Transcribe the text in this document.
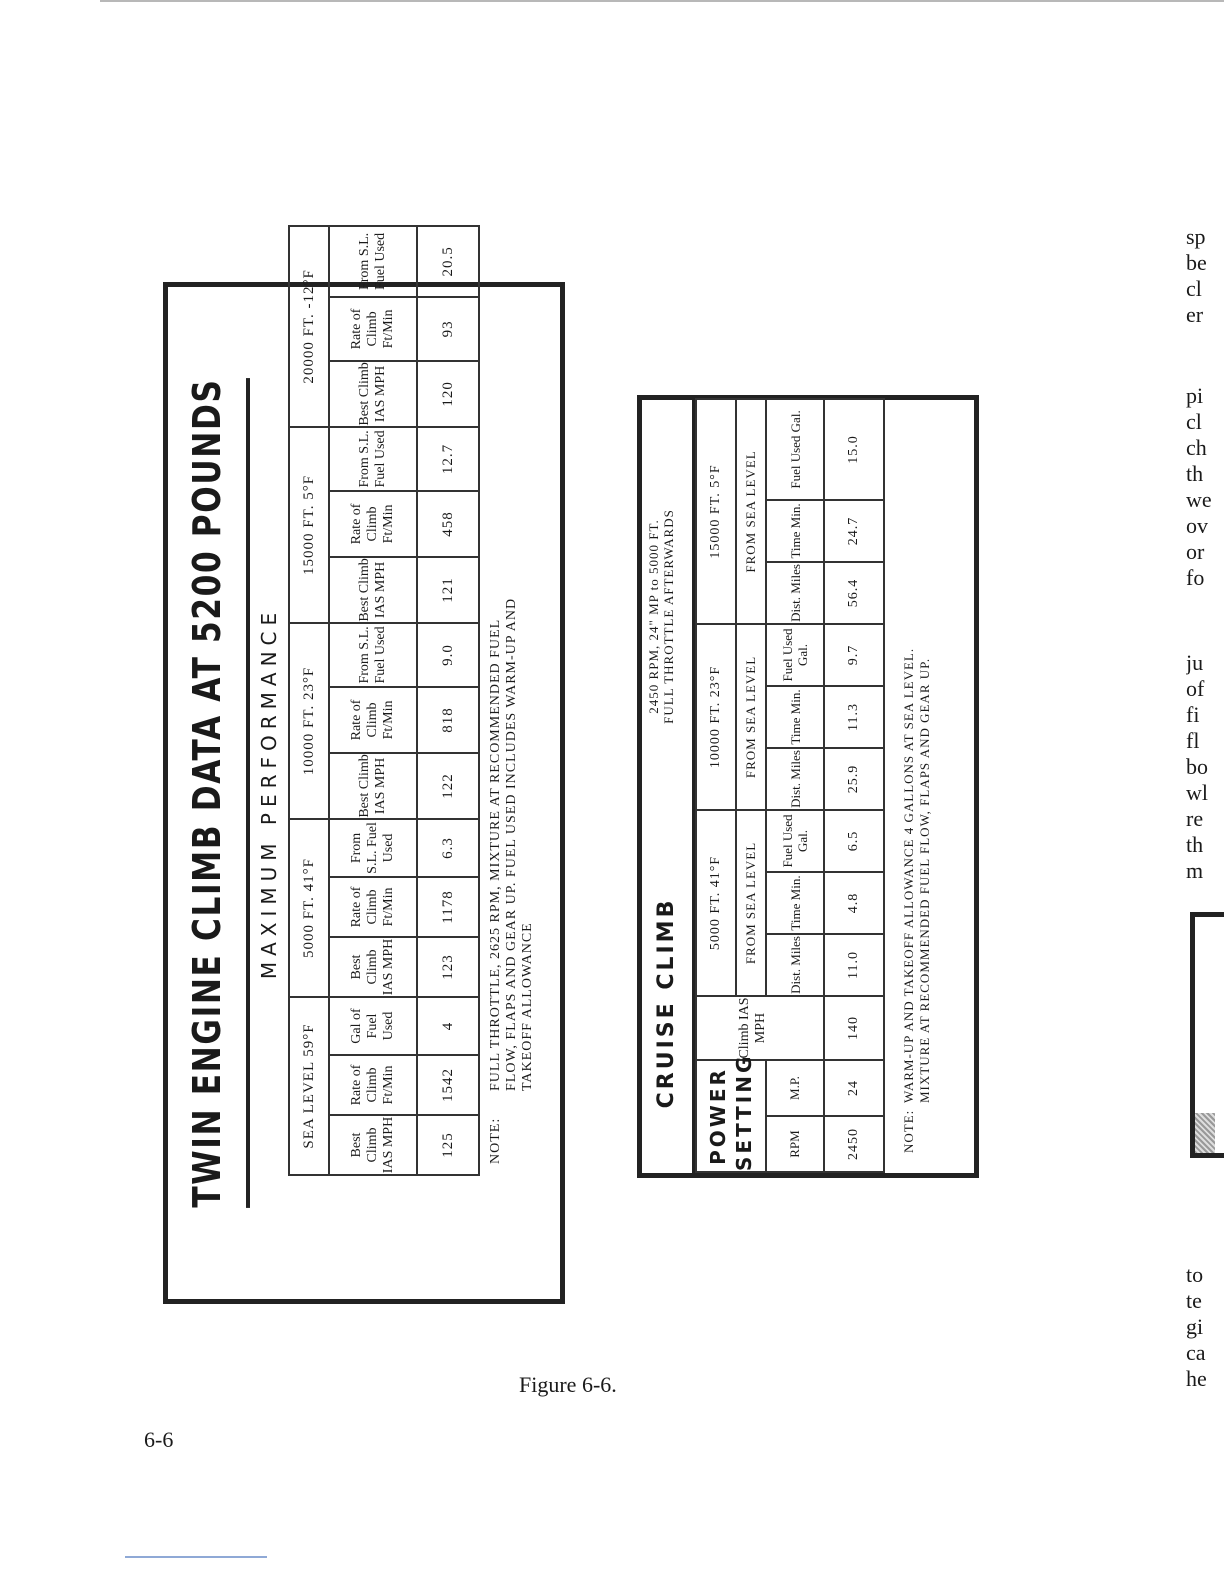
TWIN ENGINE CLIMB DATA AT 5200 POUNDS	MAXIMUM PERFORMANCE
SEA LEVEL 59°F			5000 FT. 41°F			10000 FT. 23°F			15000 FT. 5°F			20000 FT. -12°F		
Best Climb IAS MPH	Rate of Climb Ft/Min	Gal of Fuel Used	Best Climb IAS MPH	Rate of Climb Ft/Min	From S.L. Fuel Used	Best Climb IAS MPH	Rate of Climb Ft/Min	From S.L. Fuel Used	Best Climb IAS MPH	Rate of Climb Ft/Min	From S.L. Fuel Used	Best Climb IAS MPH	Rate of Climb Ft/Min	From S.L. Fuel Used
125	1542	4	123	1178	6.3	122	818	9.0	121	458	12.7	120	93	20.5
NOTE:
FULL THROTTLE, 2625 RPM, MIXTURE AT RECOMMENDED FUEL FLOW, FLAPS AND GEAR UP. FUEL USED INCLUDES WARM-UP AND TAKEOFF ALLOWANCE	CRUISE CLIMB
2450 RPM, 24" MP to 5000 FT. FULL THROTTLE AFTERWARDS
POWER SETTING		Climb IAS MPH	5000 FT. 41°F			10000 FT. 23°F			15000 FT. 5°F		
			FROM SEA LEVEL			FROM SEA LEVEL			FROM SEA LEVEL		
RPM	M.P.		Dist. Miles	Time Min.	Fuel Used Gal.	Dist. Miles	Time Min.	Fuel Used Gal.	Dist. Miles	Time Min.	Fuel Used Gal.
2450	24	140	11.0	4.8	6.5	25.9	11.3	9.7	56.4	24.7	15.0
NOTE:
WARM-UP AND TAKEOFF ALLOWANCE 4 GALLONS AT SEA LEVEL. MIXTURE AT RECOMMENDED FUEL FLOW, FLAPS AND GEAR UP.
Figure 6-6.
6-6
sp
be
cl
er
pi
cl
ch
th
we
ov
or
fo
ju
of
fi
fl
bo
wl
re
th
m
to
te
gi
ca
he
